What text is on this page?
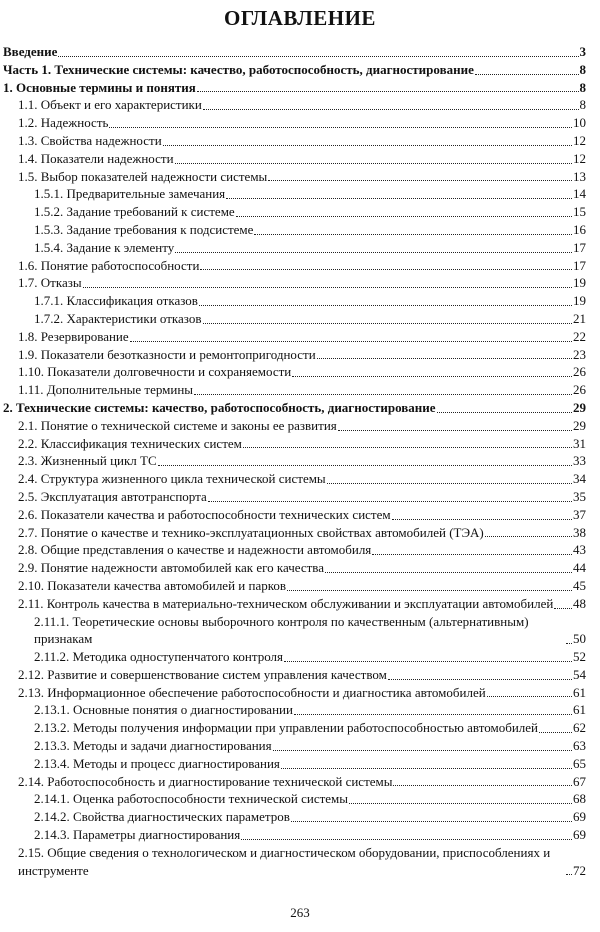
ОГЛАВЛЕНИЕ
Введение	3
Часть 1. Технические системы: качество, работоспособность, диагностирование	8
1. Основные термины и понятия	8
1.1. Объект и его характеристики	8
1.2. Надежность	10
1.3. Свойства надежности	12
1.4. Показатели надежности	12
1.5. Выбор показателей надежности системы	13
1.5.1. Предварительные замечания	14
1.5.2. Задание требований к системе	15
1.5.3. Задание требования к подсистеме	16
1.5.4. Задание к элементу	17
1.6. Понятие работоспособности	17
1.7. Отказы	19
1.7.1. Классификация отказов	19
1.7.2. Характеристики отказов	21
1.8. Резервирование	22
1.9. Показатели безотказности и ремонтопригодности	23
1.10. Показатели долговечности и сохраняемости	26
1.11. Дополнительные термины	26
2. Технические системы: качество, работоспособность, диагностирование	29
2.1. Понятие о технической системе и законы ее развития	29
2.2. Классификация технических систем	31
2.3. Жизненный цикл ТС	33
2.4. Структура жизненного цикла технической системы	34
2.5. Эксплуатация автотранспорта	35
2.6. Показатели качества и работоспособности технических систем	37
2.7. Понятие о качестве и технико-эксплуатационных свойствах автомобилей (ТЭА)	38
2.8. Общие представления о качестве и надежности автомобиля	43
2.9. Понятие надежности автомобилей как его качества	44
2.10. Показатели качества автомобилей и парков	45
2.11. Контроль качества в материально-техническом обслуживании и эксплуатации автомобилей 48
2.11.1. Теоретические основы выборочного контроля по качественным (альтернативным) признакам	50
2.11.2. Методика одноступенчатого контроля	52
2.12. Развитие и совершенствование систем управления качеством	54
2.13. Информационное обеспечение работоспособности и диагностика автомобилей	61
2.13.1. Основные понятия о диагностировании	61
2.13.2. Методы получения информации при управлении работоспособностью автомобилей	62
2.13.3. Методы и задачи диагностирования	63
2.13.4. Методы и процесс диагностирования	65
2.14. Работоспособность и диагностирование технической системы	67
2.14.1. Оценка работоспособности технической системы	68
2.14.2. Свойства диагностических параметров	69
2.14.3. Параметры диагностирования	69
2.15. Общие сведения о технологическом и диагностическом оборудовании, приспособлениях и инструменте	72
263
